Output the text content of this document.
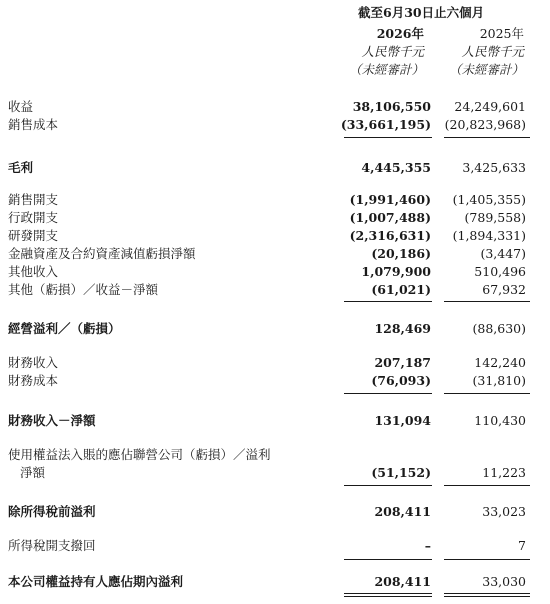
截至6月30日止六個月
2026年	2025年
人民幣千元	人民幣千元
（未經審計）	（未經審計）
收益	38,106,550 24,249,601
銷售成本	(33,661,195) (20,823,968)
毛利	4,445,355	3,425,633
銷售開支	(1,991,460) (1,405,355)
行政開支	(1,007,488)	(789,558)
研發開支	(2,316,631) (1,894,331)
金融資產及合約資產減值虧損淨額	(20,186)	(3,447)
其他收入	1,079,900	510,496
其他（虧損）／收益－淨額	(61,021)	67,932
經營溢利／（虧損）	128,469	(88,630)
財務收入	207,187	142,240
財務成本	(76,093)	(31,810)
財務收入－淨額	131,094	110,430
使用權益法入賬的應佔聯營公司（虧損）／溢利
淨額	(51,152)	11,223
除所得稅前溢利	208,411	33,023
所得稅開支撥回	–	7
本公司權益持有人應佔期內溢利	208,411	33,030
